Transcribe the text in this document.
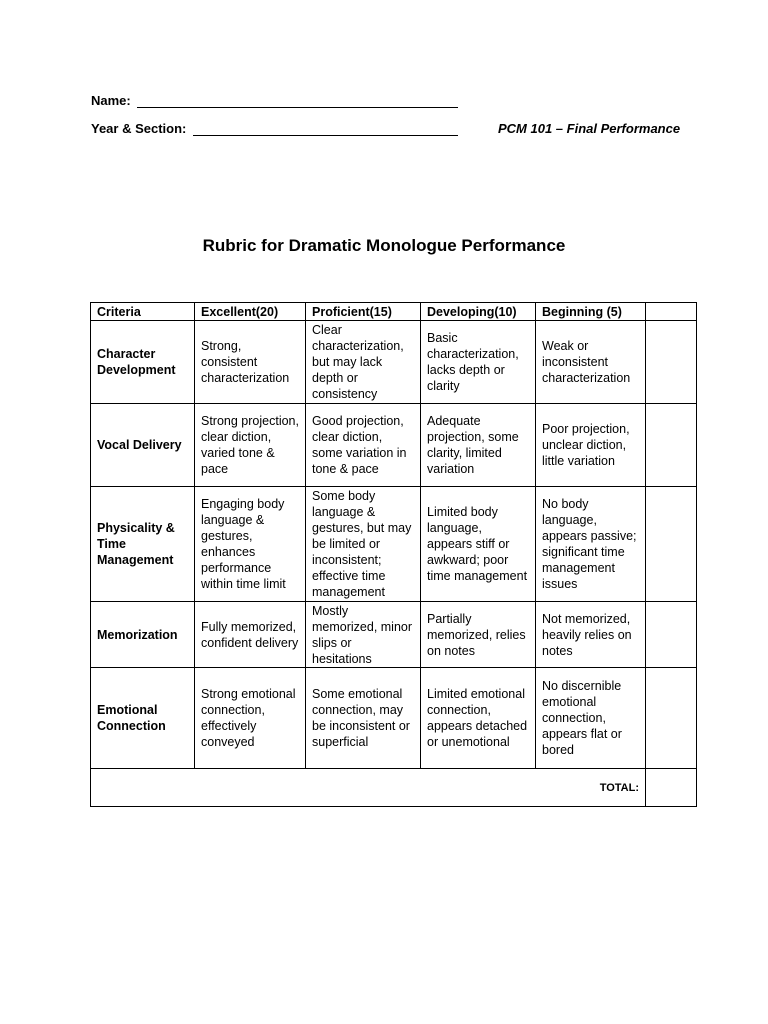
Name:
Year & Section:	PCM 101 – Final Performance
Rubric for Dramatic Monologue Performance
Criteria	Excellent(20)	Proficient(15)	Developing(10)	Beginning (5)	
Character Development	Strong, consistent characterization	Clear characterization, but may lack depth or consistency	Basic characterization, lacks depth or clarity	Weak or inconsistent characterization	
Vocal Delivery	Strong projection, clear diction, varied tone & pace	Good projection, clear diction, some variation in tone & pace	Adequate projection, some clarity, limited variation	Poor projection, unclear diction, little variation	
Physicality & Time Management	Engaging body language & gestures, enhances performance within time limit	Some body language & gestures, but may be limited or inconsistent; effective time management	Limited body language, appears stiff or awkward; poor time management	No body language, appears passive; significant time management issues	
Memorization	Fully memorized, confident delivery	Mostly memorized, minor slips or hesitations	Partially memorized, relies on notes	Not memorized, heavily relies on notes	
Emotional Connection	Strong emotional connection, effectively conveyed	Some emotional connection, may be inconsistent or superficial	Limited emotional connection, appears detached or unemotional	No discernible emotional connection, appears flat or bored	
TOTAL:					
